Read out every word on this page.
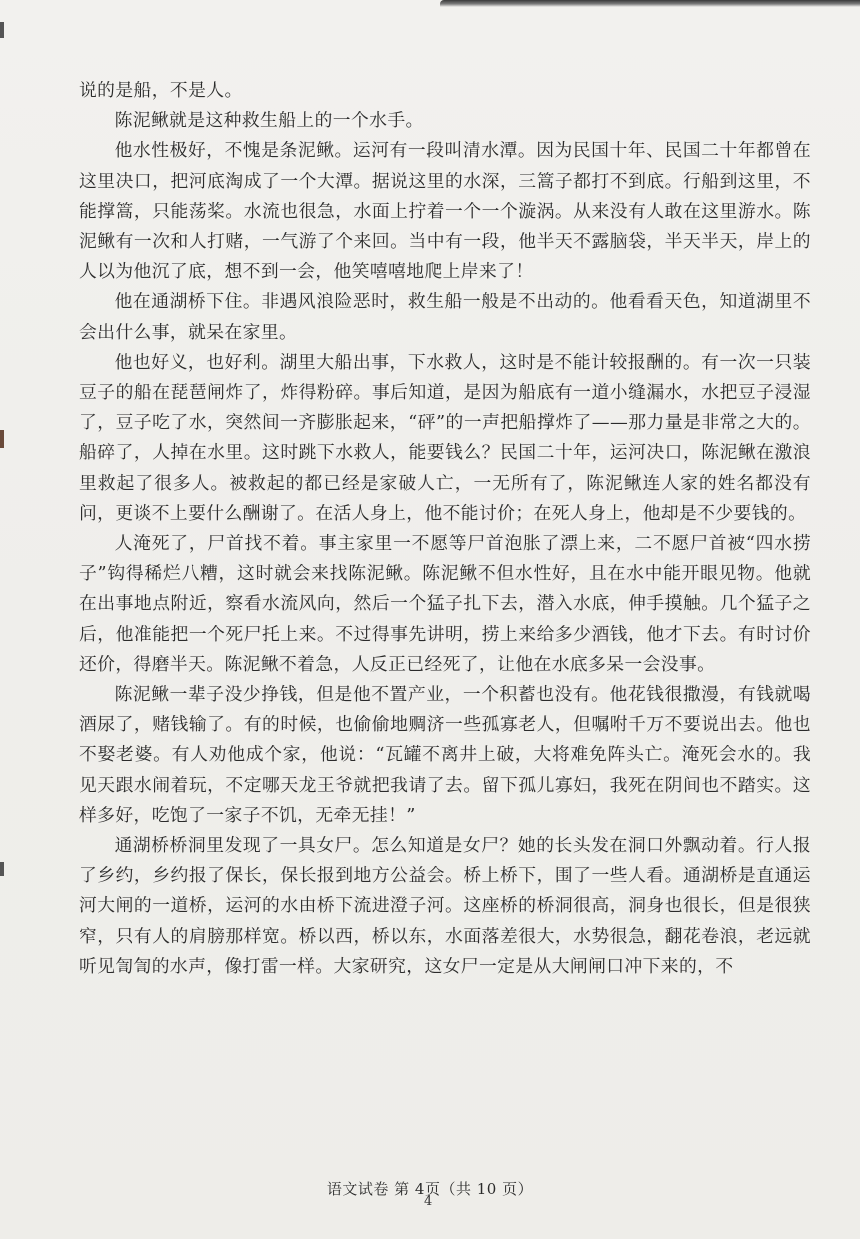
说的是船，不是人。

陈泥鳅就是这种救生船上的一个水手。

他水性极好，不愧是条泥鳅。运河有一段叫清水潭。因为民国十年、民国二十年都曾在这里决口，把河底淘成了一个大潭。据说这里的水深，三篙子都打不到底。行船到这里，不能撑篙，只能荡桨。水流也很急，水面上拧着一个一个漩涡。从来没有人敢在这里游水。陈泥鳅有一次和人打赌，一气游了个来回。当中有一段，他半天不露脑袋，半天半天，岸上的人以为他沉了底，想不到一会，他笑嘻嘻地爬上岸来了！

他在通湖桥下住。非遇风浪险恶时，救生船一般是不出动的。他看看天色，知道湖里不会出什么事，就呆在家里。

他也好义，也好利。湖里大船出事，下水救人，这时是不能计较报酬的。有一次一只装豆子的船在琵琶闸炸了，炸得粉碎。事后知道，是因为船底有一道小缝漏水，水把豆子浸湿了，豆子吃了水，突然间一齐膨胀起来，“砰”的一声把船撑炸了——那力量是非常之大的。船碎了，人掉在水里。这时跳下水救人，能要钱么？民国二十年，运河决口，陈泥鳅在激浪里救起了很多人。被救起的都已经是家破人亡，一无所有了，陈泥鳅连人家的姓名都没有问，更谈不上要什么酬谢了。在活人身上，他不能讨价；在死人身上，他却是不少要钱的。

人淹死了，尸首找不着。事主家里一不愿等尸首泡胀了漂上来，二不愿尸首被“四水捞子”钩得稀烂八糟，这时就会来找陈泥鳅。陈泥鳅不但水性好，且在水中能开眼见物。他就在出事地点附近，察看水流风向，然后一个猛子扎下去，潜入水底，伸手摸触。几个猛子之后，他准能把一个死尸托上来。不过得事先讲明，捞上来给多少酒钱，他才下去。有时讨价还价，得磨半天。陈泥鳅不着急，人反正已经死了，让他在水底多呆一会没事。

陈泥鳅一辈子没少挣钱，但是他不置产业，一个积蓄也没有。他花钱很撒漫，有钱就喝酒尿了，赌钱输了。有的时候，也偷偷地赒济一些孤寡老人，但嘱咐千万不要说出去。他也不娶老婆。有人劝他成个家，他说：“瓦罐不离井上破，大将难免阵头亡。淹死会水的。我见天跟水闹着玩，不定哪天龙王爷就把我请了去。留下孤儿寡妇，我死在阴间也不踏实。这样多好，吃饱了一家子不饥，无牵无挂！”

通湖桥桥洞里发现了一具女尸。怎么知道是女尸？她的长头发在洞口外飘动着。行人报了乡约，乡约报了保长，保长报到地方公益会。桥上桥下，围了一些人看。通湖桥是直通运河大闸的一道桥，运河的水由桥下流进澄子河。这座桥的桥洞很高，洞身也很长，但是很狭窄，只有人的肩膀那样宽。桥以西，桥以东，水面落差很大，水势很急，翻花卷浪，老远就听见訇訇的水声，像打雷一样。大家研究，这女尸一定是从大闸闸口冲下来的，不

语文试卷 第 4页（共 10 页）
4
